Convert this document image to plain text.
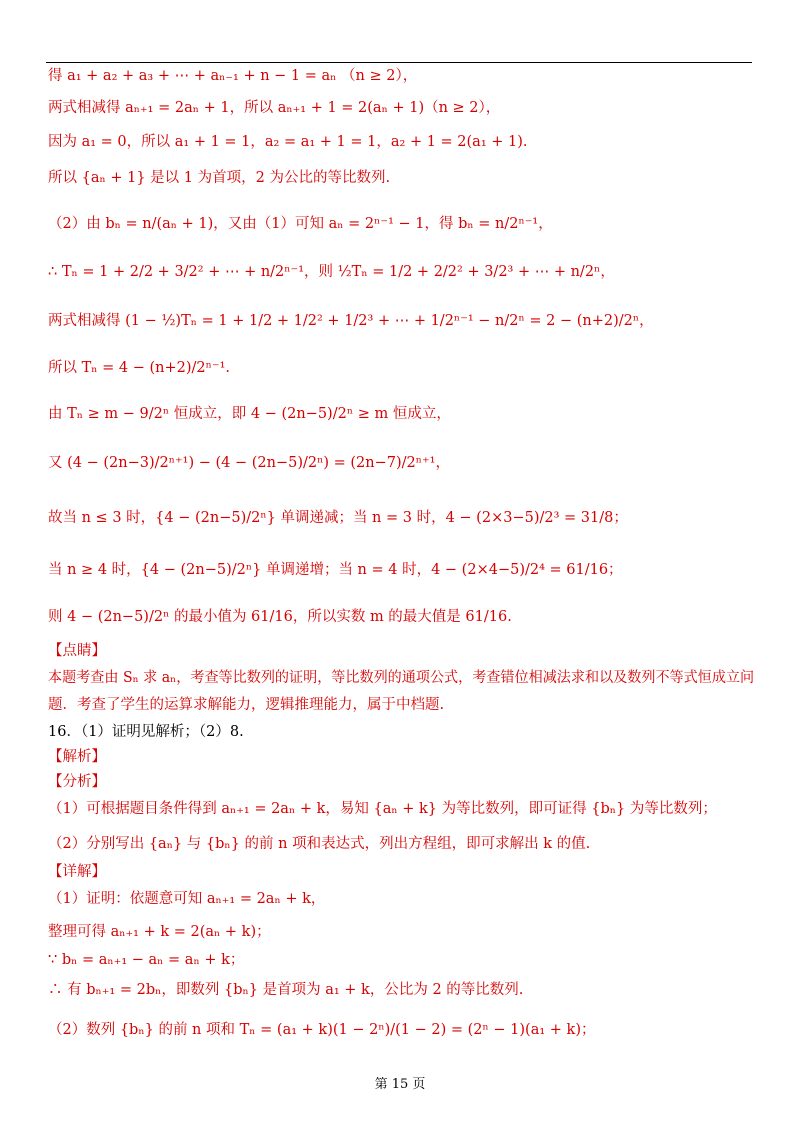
得 a₁ + a₂ + a₃ + ⋯ + aₙ₋₁ + n − 1 = aₙ （n ≥ 2），
两式相减得 aₙ₊₁ = 2aₙ + 1，所以 aₙ₊₁ + 1 = 2(aₙ + 1)（n ≥ 2），
因为 a₁ = 0，所以 a₁ + 1 = 1，a₂ = a₁ + 1 = 1，a₂ + 1 = 2(a₁ + 1).
所以 {aₙ + 1} 是以 1 为首项，2 为公比的等比数列.
（2）由 bₙ = n/(aₙ + 1)，又由（1）可知 aₙ = 2ⁿ⁻¹ − 1，得 bₙ = n/2ⁿ⁻¹，
∴ Tₙ = 1 + 2/2 + 3/2² + ⋯ + n/2ⁿ⁻¹，则 ½Tₙ = 1/2 + 2/2² + 3/2³ + ⋯ + n/2ⁿ，
两式相减得 (1 − ½)Tₙ = 1 + 1/2 + 1/2² + 1/2³ + ⋯ + 1/2ⁿ⁻¹ − n/2ⁿ = 2 − (n+2)/2ⁿ，
所以 Tₙ = 4 − (n+2)/2ⁿ⁻¹.
由 Tₙ ≥ m − 9/2ⁿ 恒成立，即 4 − (2n−5)/2ⁿ ≥ m 恒成立，
又 (4 − (2n−3)/2ⁿ⁺¹) − (4 − (2n−5)/2ⁿ) = (2n−7)/2ⁿ⁺¹，
故当 n ≤ 3 时，{4 − (2n−5)/2ⁿ} 单调递减；当 n = 3 时，4 − (2×3−5)/2³ = 31/8；
当 n ≥ 4 时，{4 − (2n−5)/2ⁿ} 单调递增；当 n = 4 时，4 − (2×4−5)/2⁴ = 61/16；
则 4 − (2n−5)/2ⁿ 的最小值为 61/16，所以实数 m 的最大值是 61/16.
【点睛】
本题考查由 Sₙ 求 aₙ，考查等比数列的证明，等比数列的通项公式，考查错位相减法求和以及数列不等式恒成立问
题．考查了学生的运算求解能力，逻辑推理能力，属于中档题.
16．（1）证明见解析；（2）8.
【解析】
【分析】
（1）可根据题目条件得到 aₙ₊₁ = 2aₙ + k，易知 {aₙ + k} 为等比数列，即可证得 {bₙ} 为等比数列；
（2）分别写出 {aₙ} 与 {bₙ} 的前 n 项和表达式，列出方程组，即可求解出 k 的值.
【详解】
（1）证明：依题意可知 aₙ₊₁ = 2aₙ + k，
整理可得 aₙ₊₁ + k = 2(aₙ + k)；
∵ bₙ = aₙ₊₁ − aₙ = aₙ + k；
∴ 有 bₙ₊₁ = 2bₙ，即数列 {bₙ} 是首项为 a₁ + k，公比为 2 的等比数列.
（2）数列 {bₙ} 的前 n 项和 Tₙ = (a₁ + k)(1 − 2ⁿ)/(1 − 2) = (2ⁿ − 1)(a₁ + k)；
第 15 页
